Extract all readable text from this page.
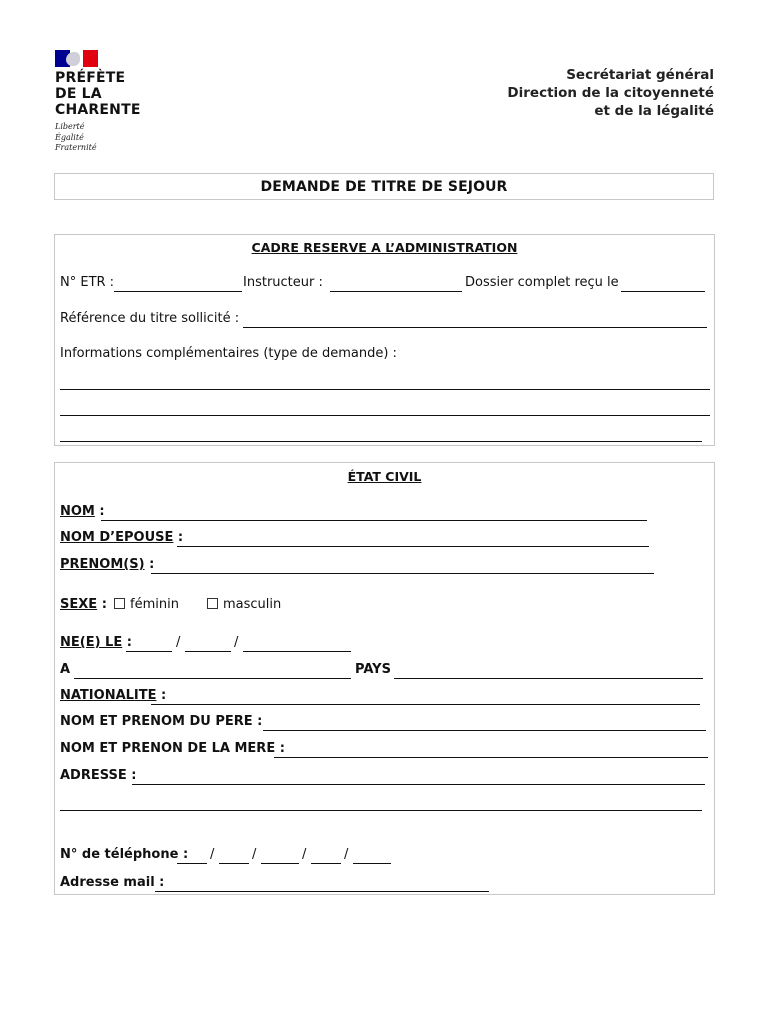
PRÉFÈTE
DE LA
CHARENTE
Liberté
Égalité
Fraternité
Secrétariat général
Direction de la citoyenneté
et de la légalité
DEMANDE DE TITRE DE SEJOUR
CADRE RESERVE A L’ADMINISTRATION
N° ETR :	Instructeur :	Dossier complet reçu le
Référence du titre sollicité :
Informations complémentaires (type de demande) :
ÉTAT CIVIL
NOM :
NOM D’EPOUSE :
PRENOM(S) :
SEXE :	féminin	masculin
NE(E) LE :	/	/
A	PAYS
NATIONALITE :
NOM ET PRENOM DU PERE :
NOM ET PRENON DE LA MERE :
ADRESSE :
N° de téléphone : /	/	/	/
Adresse mail :
